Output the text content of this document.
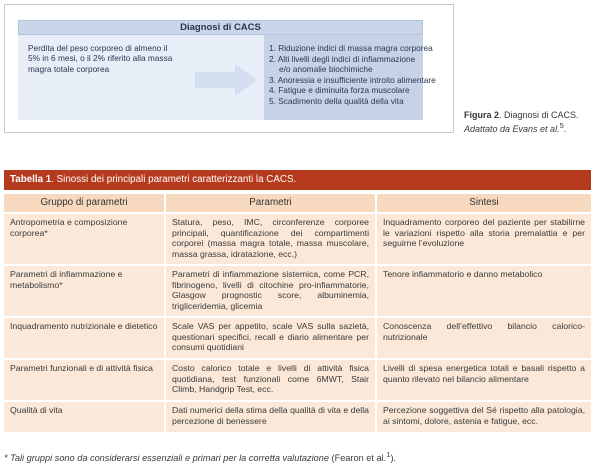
Diagnosi di CACS
Perdita del peso corporeo di almeno il 5% in 6 mesi, o il 2% riferito alla massa magra totale corporea
1. Riduzione indici di massa magra corporea
2. Alti livelli degli indici di infiammazione
e/o anomalie biochimiche
3. Anoressia e insufficiente introito alimentare
4. Fatigue e diminuita forza muscolare
5. Scadimento della qualità della vita
Figura 2. Diagnosi di CACS. Adattato da Evans et al.$^5$.
Tabella 1. Sinossi dei principali parametri caratterizzanti la CACS.
Gruppo di parametri	Parametri	Sintesi
Antropometria e composizione corporea*	Statura, peso, IMC, circonferenze corporee principali, quantificazione dei compartimenti corporei (massa magra totale, massa muscolare, massa grassa, idratazione, ecc.)	Inquadramento corporeo del paziente per stabilirne le variazioni rispetto alla storia premalattia e per seguirne l’evoluzione
Parametri di infiammazione e metabolismo*	Parametri di infiammazione sistemica, come PCR, fibrinogeno, livelli di citochine pro-infiammatorie, Glasgow prognostic score, albuminemia, trigliceridemia, glicemia	Tenore infiammatorio e danno metabolico
Inquadramento nutrizionale e dietetico	Scale VAS per appetito, scale VAS sulla sazietà, questionari specifici, recall e diario alimentare per consumi quotidiani	Conoscenza dell’effettivo bilancio calorico-nutrizionale
Parametri funzionali e di attività fisica	Costo calorico totale e livelli di attività fisica quotidiana, test funzionali come 6MWT, Stair Climb, Handgrip Test, ecc.	Livelli di spesa energetica totali e basali rispetto a quanto rilevato nel bilancio alimentare
Qualità di vita	Dati numerici della stima della qualità di vita e della percezione di benessere	Percezione soggettiva del Sé rispetto alla patologia, ai sintomi, dolore, astenia e fatigue, ecc.
* Tali gruppi sono da considerarsi essenziali e primari per la corretta valutazione (Fearon et al.$^1$).
